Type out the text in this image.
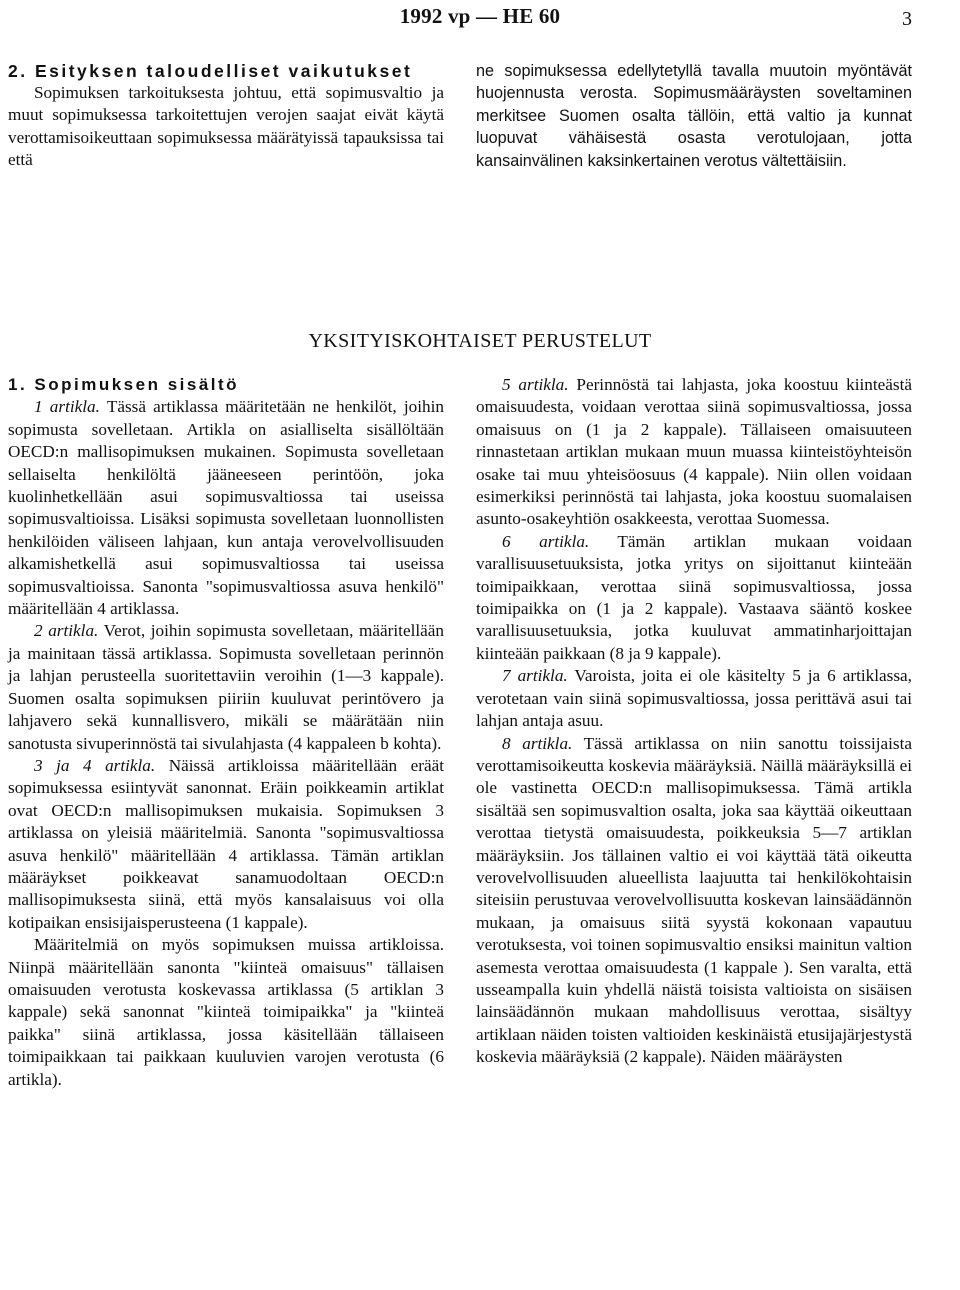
1992 vp — HE 60	3

2. Esityksen taloudelliset vaikutukset

Sopimuksen tarkoituksesta johtuu, että sopimusvaltio ja muut sopimuksessa tarkoitettujen verojen saajat eivät käytä verottamisoikeuttaan sopimuksessa määrätyissä tapauksissa tai että

ne sopimuksessa edellytetyllä tavalla muutoin myöntävät huojennusta verosta. Sopimusmääräysten soveltaminen merkitsee Suomen osalta tällöin, että valtio ja kunnat luopuvat vähäisestä osasta verotulojaan, jotta kansainvälinen kaksinkertainen verotus vältettäisiin.

YKSITYISKOHTAISET PERUSTELUT

1. Sopimuksen sisältö

1 artikla. Tässä artiklassa määritetään ne henkilöt, joihin sopimusta sovelletaan. Artikla on asialliselta sisällöltään OECD:n mallisopimuksen mukainen. Sopimusta sovelletaan sellaiselta henkilöltä jääneeseen perintöön, joka kuolinhetkellään asui sopimusvaltiossa tai useissa sopimusvaltioissa. Lisäksi sopimusta sovelletaan luonnollisten henkilöiden väliseen lahjaan, kun antaja verovelvollisuuden alkamishetkellä asui sopimusvaltiossa tai useissa sopimusvaltioissa. Sanonta "sopimusvaltiossa asuva henkilö" määritellään 4 artiklassa.

2 artikla. Verot, joihin sopimusta sovelletaan, määritellään ja mainitaan tässä artiklassa. Sopimusta sovelletaan perinnön ja lahjan perusteella suoritettaviin veroihin (1—3 kappale). Suomen osalta sopimuksen piiriin kuuluvat perintövero ja lahjavero sekä kunnallisvero, mikäli se määrätään niin sanotusta sivuperinnöstä tai sivulahjasta (4 kappaleen b kohta).

3 ja 4 artikla. Näissä artikloissa määritellään eräät sopimuksessa esiintyvät sanonnat. Eräin poikkeamin artiklat ovat OECD:n mallisopimuksen mukaisia. Sopimuksen 3 artiklassa on yleisiä määritelmiä. Sanonta "sopimusvaltiossa asuva henkilö" määritellään 4 artiklassa. Tämän artiklan määräykset poikkeavat sanamuodoltaan OECD:n mallisopimuksesta siinä, että myös kansalaisuus voi olla kotipaikan ensisijaisperusteena (1 kappale).

Määritelmiä on myös sopimuksen muissa artikloissa. Niinpä määritellään sanonta "kiinteä omaisuus" tällaisen omaisuuden verotusta koskevassa artiklassa (5 artiklan 3 kappale) sekä sanonnat "kiinteä toimipaikka" ja "kiinteä paikka" siinä artiklassa, jossa käsitellään tällaiseen toimipaikkaan tai paikkaan kuuluvien varojen verotusta (6 artikla).

5 artikla. Perinnöstä tai lahjasta, joka koostuu kiinteästä omaisuudesta, voidaan verottaa siinä sopimusvaltiossa, jossa omaisuus on (1 ja 2 kappale). Tällaiseen omaisuuteen rinnastetaan artiklan mukaan muun muassa kiinteistöyhteisön osake tai muu yhteisöosuus (4 kappale). Niin ollen voidaan esimerkiksi perinnöstä tai lahjasta, joka koostuu suomalaisen asunto-osakeyhtiön osakkeesta, verottaa Suomessa.

6 artikla. Tämän artiklan mukaan voidaan varallisuusetuuksista, jotka yritys on sijoittanut kiinteään toimipaikkaan, verottaa siinä sopimusvaltiossa, jossa toimipaikka on (1 ja 2 kappale). Vastaava sääntö koskee varallisuusetuuksia, jotka kuuluvat ammatinharjoittajan kiinteään paikkaan (8 ja 9 kappale).

7 artikla. Varoista, joita ei ole käsitelty 5 ja 6 artiklassa, verotetaan vain siinä sopimusvaltiossa, jossa perittävä asui tai lahjan antaja asuu.

8 artikla. Tässä artiklassa on niin sanottu toissijaista verottamisoikeutta koskevia määräyksiä. Näillä määräyksillä ei ole vastinetta OECD:n mallisopimuksessa. Tämä artikla sisältää sen sopimusvaltion osalta, joka saa käyttää oikeuttaan verottaa tietystä omaisuudesta, poikkeuksia 5—7 artiklan määräyksiin. Jos tällainen valtio ei voi käyttää tätä oikeutta verovelvollisuuden alueellista laajuutta tai henkilökohtaisin siteisiin perustuvaa verovelvollisuutta koskevan lainsäädännön mukaan, ja omaisuus siitä syystä kokonaan vapautuu verotuksesta, voi toinen sopimusvaltio ensiksi mainitun valtion asemesta verottaa omaisuudesta (1 kappale ). Sen varalta, että usseampalla kuin yhdellä näistä toisista valtioista on sisäisen lainsäädännön mukaan mahdollisuus verottaa, sisältyy artiklaan näiden toisten valtioiden keskinäistä etusijajärjestystä koskevia määräyksiä (2 kappale). Näiden määräysten
